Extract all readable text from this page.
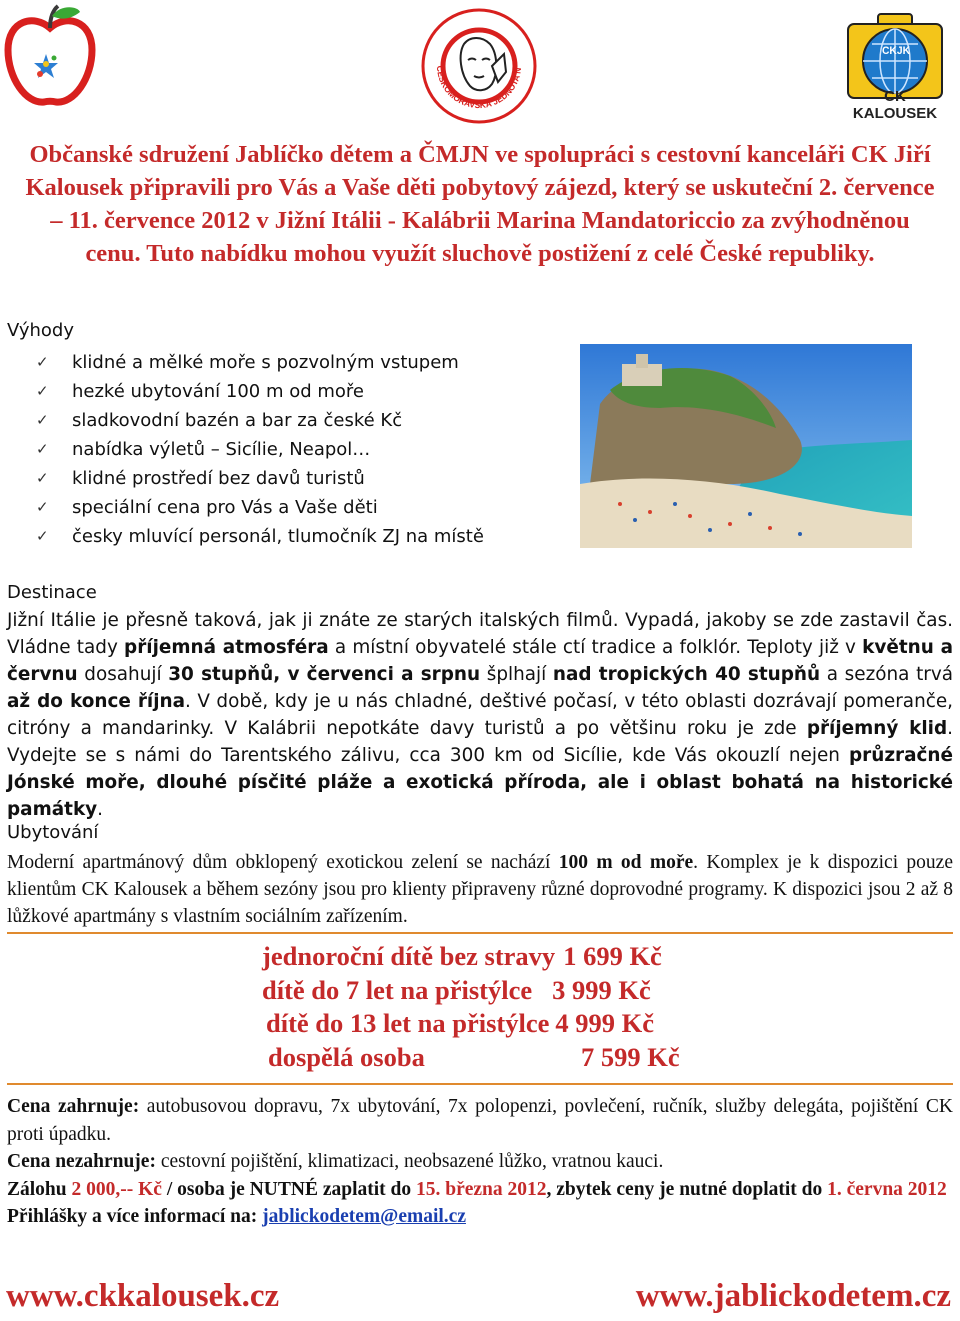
ČESKOMORAVSKÁ JEDNOTA N
CKJK
CK KALOUSEK
Občanské sdružení Jablíčko dětem a ČMJN ve spolupráci s cestovní kanceláři CK Jiří Kalousek připravili pro Vás a Vaše děti pobytový zájezd, který se uskuteční 2. července – 11. července 2012 v Jižní Itálii - Kalábrii Marina Mandatoriccio za zvýhodněnou cenu. Tuto nabídku mohou využít sluchově postižení z celé České republiky.
Výhody
✓	klidné a mělké moře s pozvolným vstupem
✓	hezké ubytování 100 m od moře
✓	sladkovodní bazén a bar za české Kč
✓	nabídka výletů – Sicílie, Neapol…
✓	klidné prostředí bez davů turistů
✓	speciální cena pro Vás a Vaše děti
✓	česky mluvící personál, tlumočník ZJ na místě
Destinace
Jižní Itálie je přesně taková, jak ji znáte ze starých italských filmů. Vypadá, jakoby se zde zastavil čas. Vládne tady příjemná atmosféra a místní obyvatelé stále ctí tradice a folklór. Teploty již v květnu a červnu dosahují 30 stupňů, v červenci a srpnu šplhají nad tropických 40 stupňů a sezóna trvá až do konce října. V době, kdy je u nás chladné, deštivé počasí, v této oblasti dozrávají pomeranče, citróny a mandarinky. V Kalábrii nepotkáte davy turistů a po většinu roku je zde příjemný klid. Vydejte se s námi do Tarentského zálivu, cca 300 km od Sicílie, kde Vás okouzlí nejen průzračné Jónské moře, dlouhé písčité pláže a exotická příroda, ale i oblast bohatá na historické památky.
Ubytování
Moderní apartmánový dům obklopený exotickou zelení se nachází 100 m od moře. Komplex je k dispozici pouze klientům CK Kalousek a během sezóny jsou pro klienty připraveny různé doprovodné programy. K dispozici jsou 2 až 8 lůžkové apartmány s vlastním sociálním zařízením.
jednoroční dítě bez stravy 1 699 Kč
dítě do 7 let na přistýlce 3 999 Kč
dítě do 13 let na přistýlce 4 999 Kč
dospělá osoba	7 599 Kč
Cena zahrnuje: autobusovou dopravu, 7x ubytování, 7x polopenzi, povlečení, ručník, služby delegáta, pojištění CK proti úpadku.
Cena nezahrnuje: cestovní pojištění, klimatizaci, neobsazené lůžko, vratnou kauci.
Zálohu 2 000,-- Kč / osoba je NUTNÉ zaplatit do 15. března 2012, zbytek ceny je nutné doplatit do 1. června 2012
Přihlášky a více informací na: jablickodetem@email.cz
www.ckkalousek.cz	www.jablickodetem.cz
